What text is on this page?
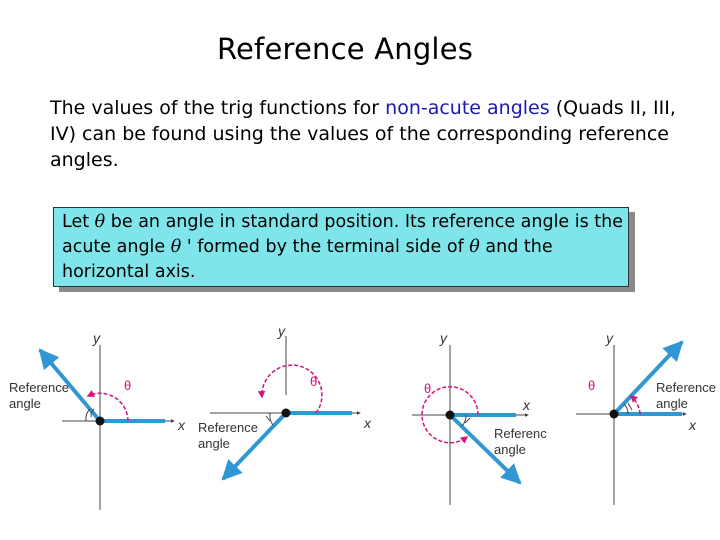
Reference Angles
The values of the trig functions for non-acute angles (Quads II, III, IV) can be found using the values of the corresponding reference angles.
Let θ be an angle in standard position. Its reference angle is the acute angle θ ' formed by the terminal side of θ and the horizontal axis.
y
x
θ
Reference
angle
y
x
θ
Reference
angle
y
x
θ
Referenc
angle
y
x
θ	Reference
angle
